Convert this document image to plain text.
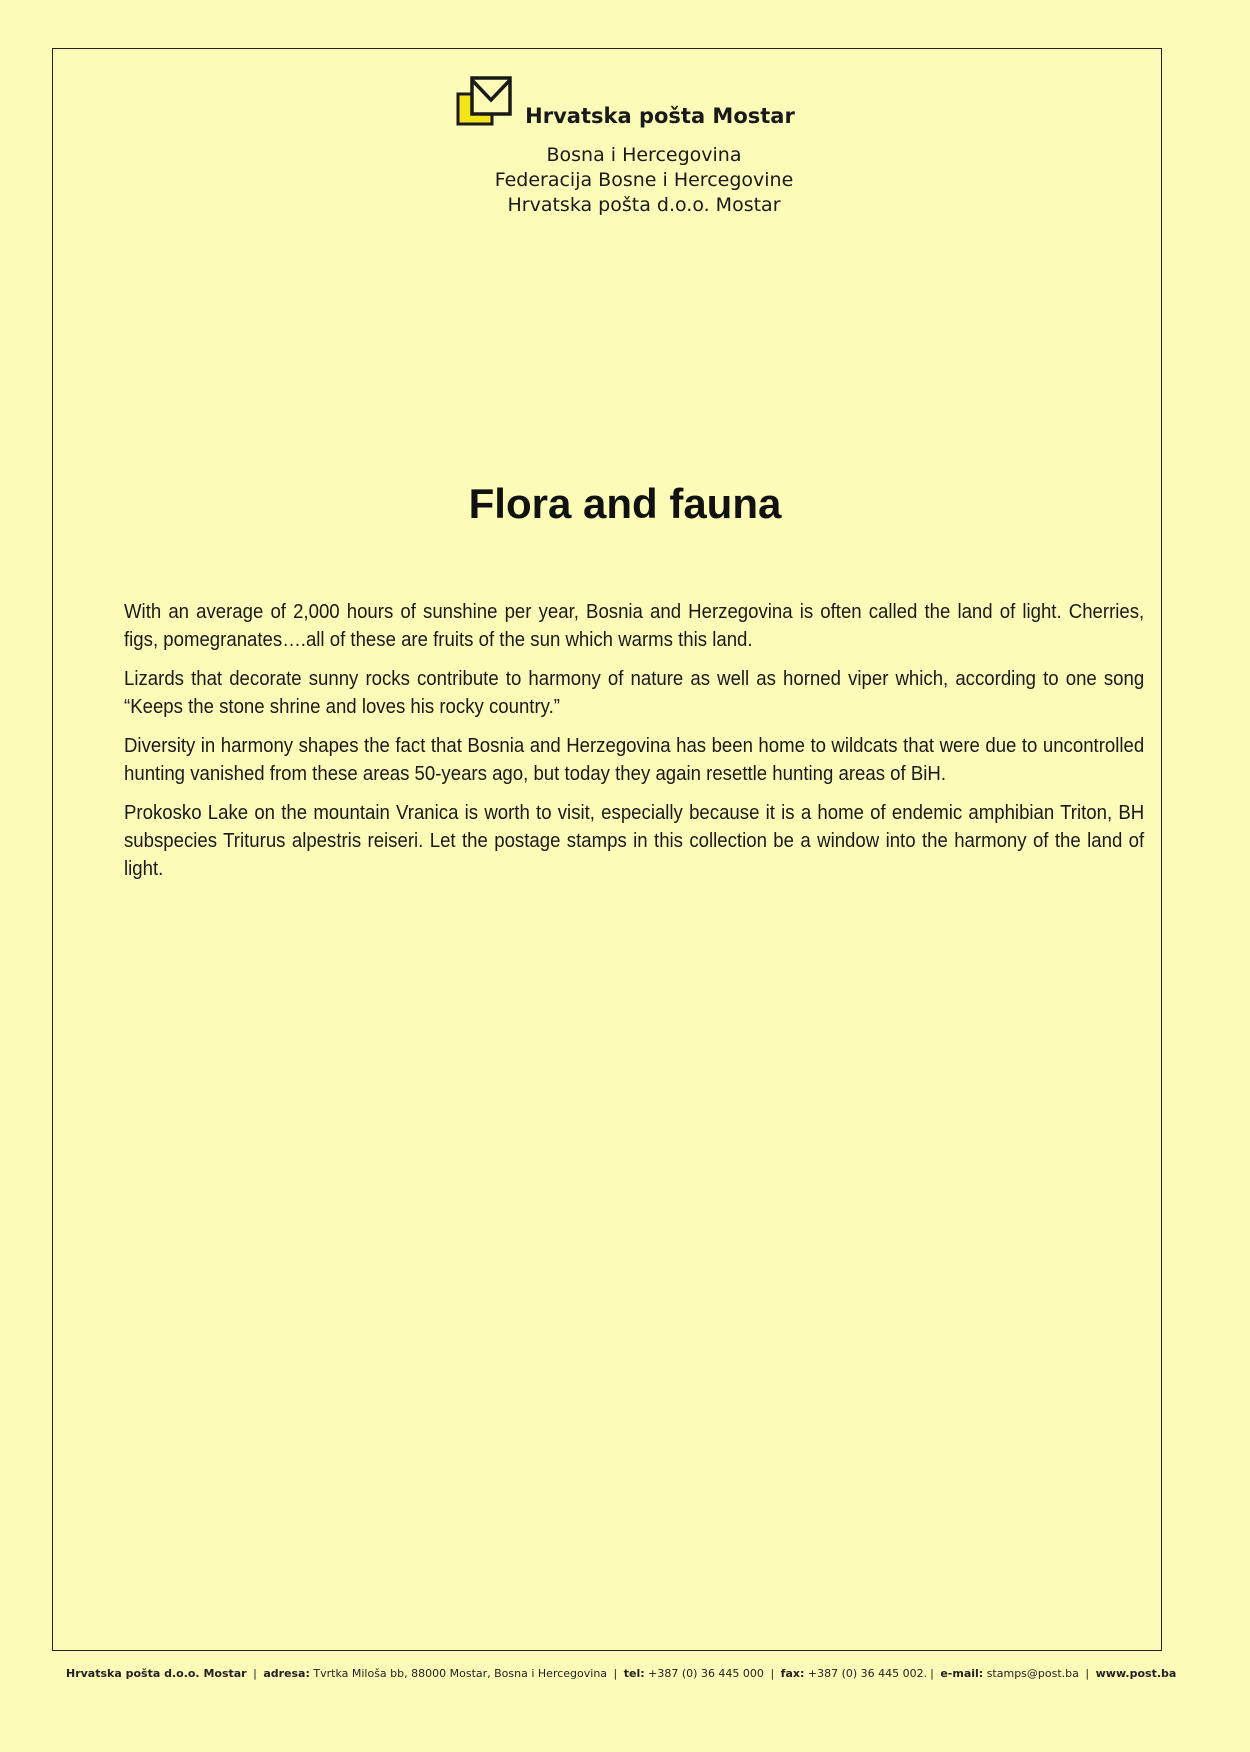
Hrvatska pošta Mostar
Bosna i Hercegovina
Federacija Bosne i Hercegovine
Hrvatska pošta d.o.o. Mostar
Flora and fauna

With an average of 2,000 hours of sunshine per year, Bosnia and Herzegovina is often called the land of light. Cherries, figs, pomegranates….all of these are fruits of the sun which warms this land.

Lizards that decorate sunny rocks contribute to harmony of nature as well as horned viper which, according to one song “Keeps the stone shrine and loves his rocky country.”

Diversity in harmony shapes the fact that Bosnia and Herzegovina has been home to wildcats that were due to uncontrolled hunting vanished from these areas 50-years ago, but today they again resettle hunting areas of BiH.

Prokosko Lake on the mountain Vranica is worth to visit, especially because it is a home of endemic amphibian Triton, BH subspecies Triturus alpestris reiseri. Let the postage stamps in this collection be a window into the harmony of the land of light.

Hrvatska pošta d.o.o. Mostar | adresa: Tvrtka Miloša bb, 88000 Mostar, Bosna i Hercegovina | tel: +387 (0) 36 445 000 | fax: +387 (0) 36 445 002. | e-mail: stamps@post.ba | www.post.ba
